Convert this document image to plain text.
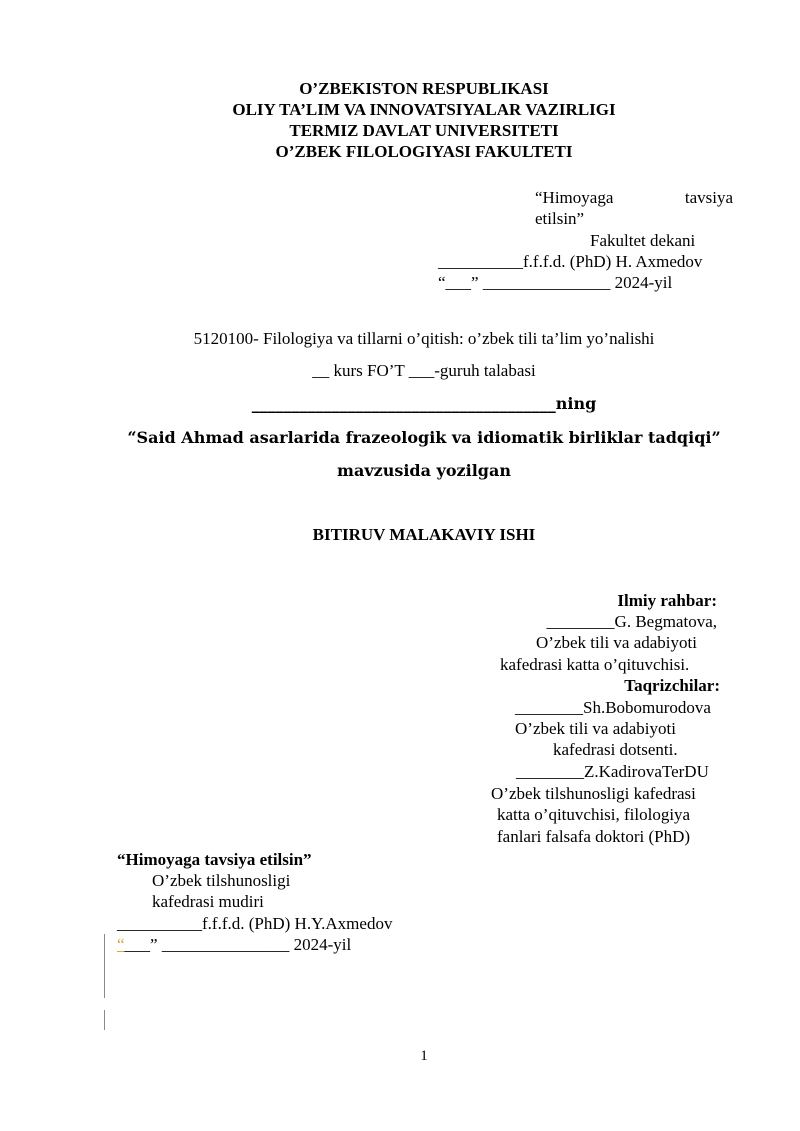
O’ZBEKISTON RESPUBLIKASI
OLIY TA’LIM VA INNOVATSIYALAR VAZIRLIGI
TERMIZ DAVLAT UNIVERSITETI
O’ZBEK FILOLOGIYASI FAKULTETI
“Himoyaga	tavsiya
etilsin”
Fakultet dekani
__________f.f.f.d. (PhD) H. Axmedov
“___” _______________ 2024-yil
5120100- Filologiya va tillarni o’qitish: o’zbek tili ta’lim yo’nalishi
__ kurs FO’T ___-guruh talabasi
______________________________________ning
“Said Ahmad asarlarida frazeologik va idiomatik birliklar tadqiqi”
mavzusida yozilgan
BITIRUV MALAKAVIY ISHI
Ilmiy rahbar:
________G. Begmatova,
O’zbek tili va adabiyoti
kafedrasi katta o’qituvchisi.
Taqrizchilar:
________Sh.Bobomurodova
O’zbek tili va adabiyoti
kafedrasi dotsenti.
________Z.KadirovaTerDU
O’zbek tilshunosligi kafedrasi
katta o’qituvchisi, filologiya
fanlari falsafa doktori (PhD)
“Himoyaga tavsiya etilsin”
O’zbek tilshunosligi
kafedrasi mudiri
__________f.f.f.d. (PhD) H.Y.Axmedov
“___” _______________ 2024-yil
1
